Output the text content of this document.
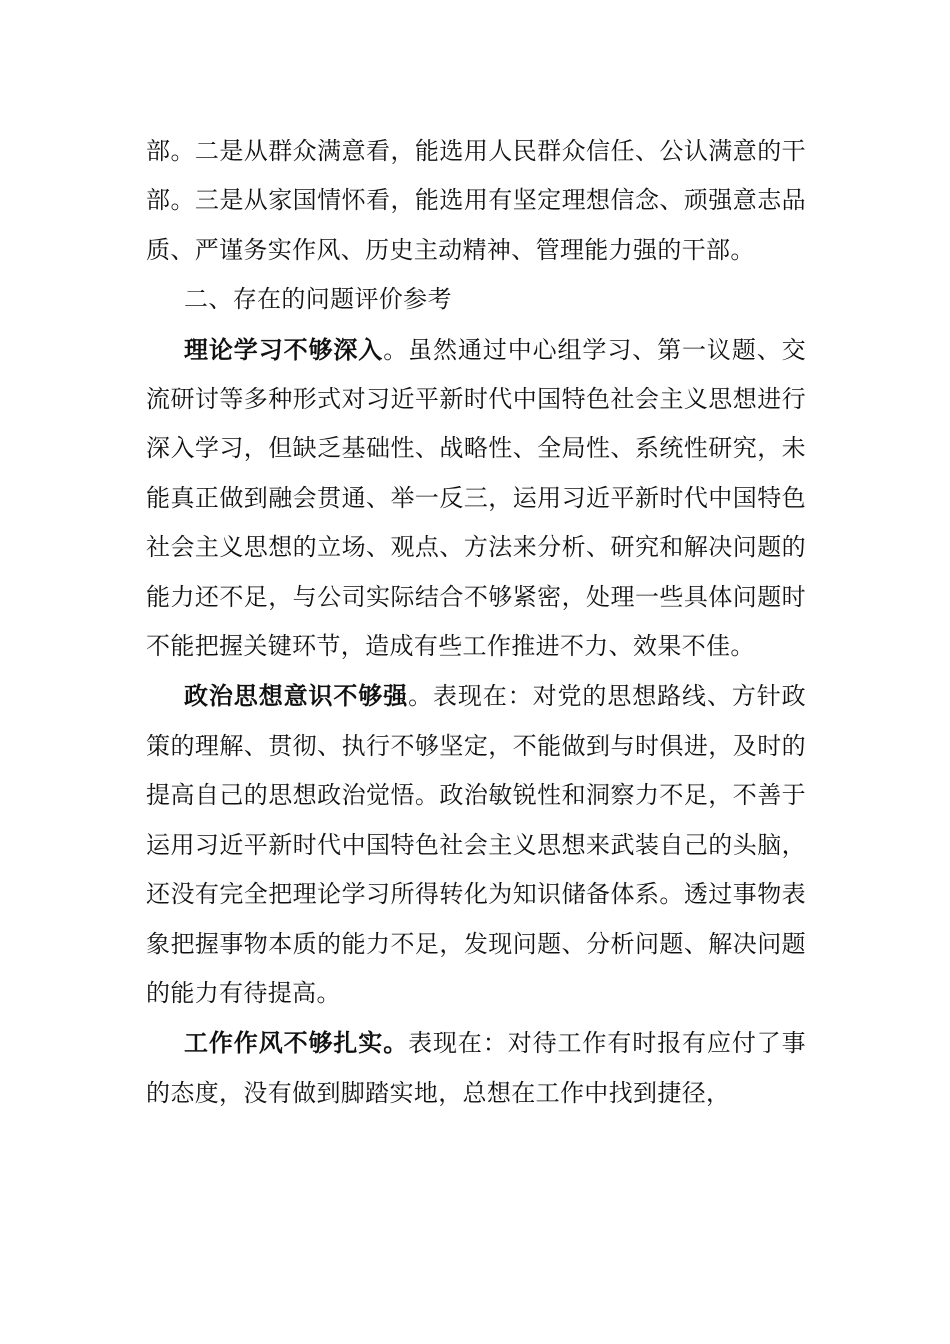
部。二是从群众满意看，能选用人民群众信任、公认满意的干部。三是从家国情怀看，能选用有坚定理想信念、顽强意志品质、严谨务实作风、历史主动精神、管理能力强的干部。

二、存在的问题评价参考

理论学习不够深入。虽然通过中心组学习、第一议题、交流研讨等多种形式对习近平新时代中国特色社会主义思想进行深入学习，但缺乏基础性、战略性、全局性、系统性研究，未能真正做到融会贯通、举一反三，运用习近平新时代中国特色社会主义思想的立场、观点、方法来分析、研究和解决问题的能力还不足，与公司实际结合不够紧密，处理一些具体问题时不能把握关键环节，造成有些工作推进不力、效果不佳。

政治思想意识不够强。表现在：对党的思想路线、方针政策的理解、贯彻、执行不够坚定，不能做到与时俱进，及时的提高自己的思想政治觉悟。政治敏锐性和洞察力不足，不善于运用习近平新时代中国特色社会主义思想来武装自己的头脑，还没有完全把理论学习所得转化为知识储备体系。透过事物表象把握事物本质的能力不足，发现问题、分析问题、解决问题的能力有待提高。

工作作风不够扎实。表现在：对待工作有时报有应付了事的态度，没有做到脚踏实地，总想在工作中找到捷径，
